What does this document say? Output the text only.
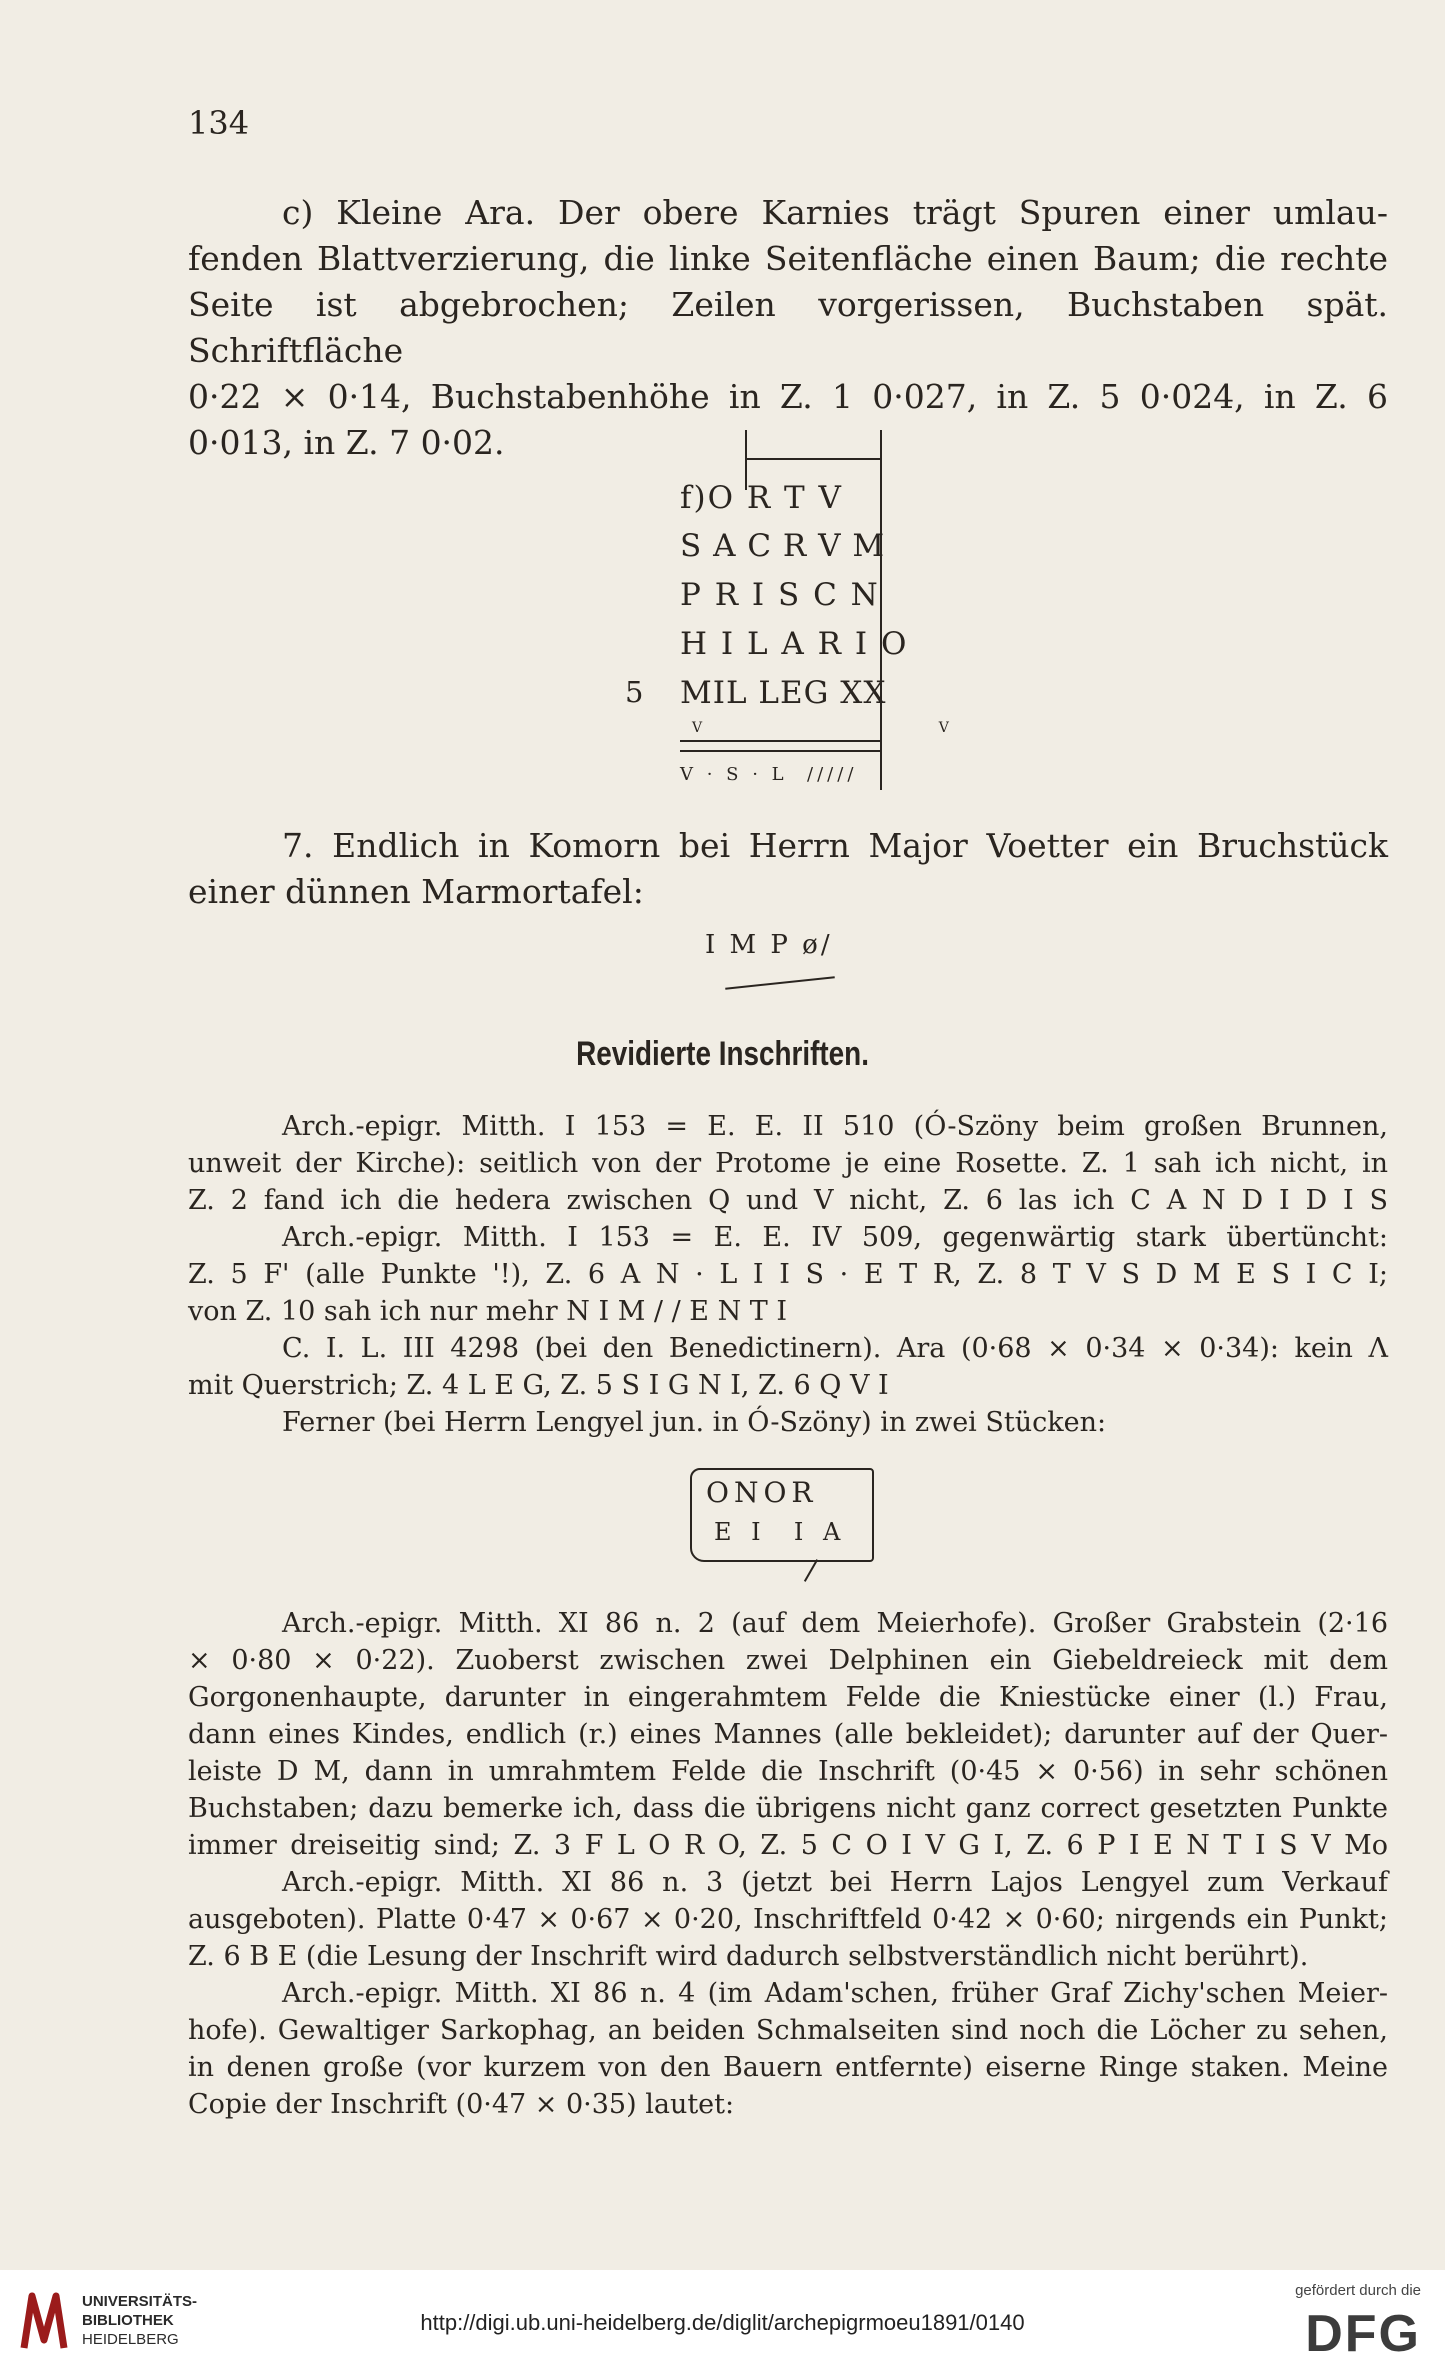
134
c) Kleine Ara. Der obere Karnies trägt Spuren einer umlau-
fenden Blattverzierung, die linke Seitenfläche einen Baum; die rechte
Seite ist abgebrochen; Zeilen vorgerissen, Buchstaben spät. Schriftfläche
0·22 × 0·14, Buchstabenhöhe in Z. 1 0·027, in Z. 5 0·024, in Z. 6
0·013, in Z. 7 0·02.
f)O R T V
S A C R V M
P R I S C N
H I L A R I O
5 MIL LEG XX
V      V
V · S · L  /////
7. Endlich in Komorn bei Herrn Major Voetter ein Bruchstück
einer dünnen Marmortafel:
I M P ø/
Revidierte Inschriften.
Arch.-epigr. Mitth. I 153 = E. E. II 510 (Ó-Szöny beim großen Brunnen,
unweit der Kirche): seitlich von der Protome je eine Rosette. Z. 1 sah ich nicht, in
Z. 2 fand ich die hedera zwischen Q und V nicht, Z. 6 las ich C A N D I D I S
Arch.-epigr. Mitth. I 153 = E. E. IV 509, gegenwärtig stark übertüncht:
Z. 5 F' (alle Punkte '!), Z. 6 A N · L I I S · E T R, Z. 8 T V S D M E S I C I;
von Z. 10 sah ich nur mehr N I M / / E N T I
C. I. L. III 4298 (bei den Benedictinern). Ara (0·68 × 0·34 × 0·34): kein Λ
mit Querstrich; Z. 4 L E G, Z. 5 S I G N I, Z. 6 Q V I
Ferner (bei Herrn Lengyel jun. in Ó-Szöny) in zwei Stücken:
ONOR
E I  I A
Arch.-epigr. Mitth. XI 86 n. 2 (auf dem Meierhofe). Großer Grabstein (2·16
× 0·80 × 0·22). Zuoberst zwischen zwei Delphinen ein Giebeldreieck mit dem
Gorgonenhaupte, darunter in eingerahmtem Felde die Kniestücke einer (l.) Frau,
dann eines Kindes, endlich (r.) eines Mannes (alle bekleidet); darunter auf der Quer-
leiste D M, dann in umrahmtem Felde die Inschrift (0·45 × 0·56) in sehr schönen
Buchstaben; dazu bemerke ich, dass die übrigens nicht ganz correct gesetzten Punkte
immer dreiseitig sind; Z. 3 F L O R O, Z. 5 C O I V G I, Z. 6 P I E N T I S V Mo
Arch.-epigr. Mitth. XI 86 n. 3 (jetzt bei Herrn Lajos Lengyel zum Verkauf
ausgeboten). Platte 0·47 × 0·67 × 0·20, Inschriftfeld 0·42 × 0·60; nirgends ein Punkt;
Z. 6 B E (die Lesung der Inschrift wird dadurch selbstverständlich nicht berührt).
Arch.-epigr. Mitth. XI 86 n. 4 (im Adam'schen, früher Graf Zichy'schen Meier-
hofe). Gewaltiger Sarkophag, an beiden Schmalseiten sind noch die Löcher zu sehen,
in denen große (vor kurzem von den Bauern entfernte) eiserne Ringe staken. Meine
Copie der Inschrift (0·47 × 0·35) lautet:
UNIVERSITÄTS-
BIBLIOTHEK
HEIDELBERG
http://digi.ub.uni-heidelberg.de/diglit/archepigrmoeu1891/0140
gefördert durch die
DFG
